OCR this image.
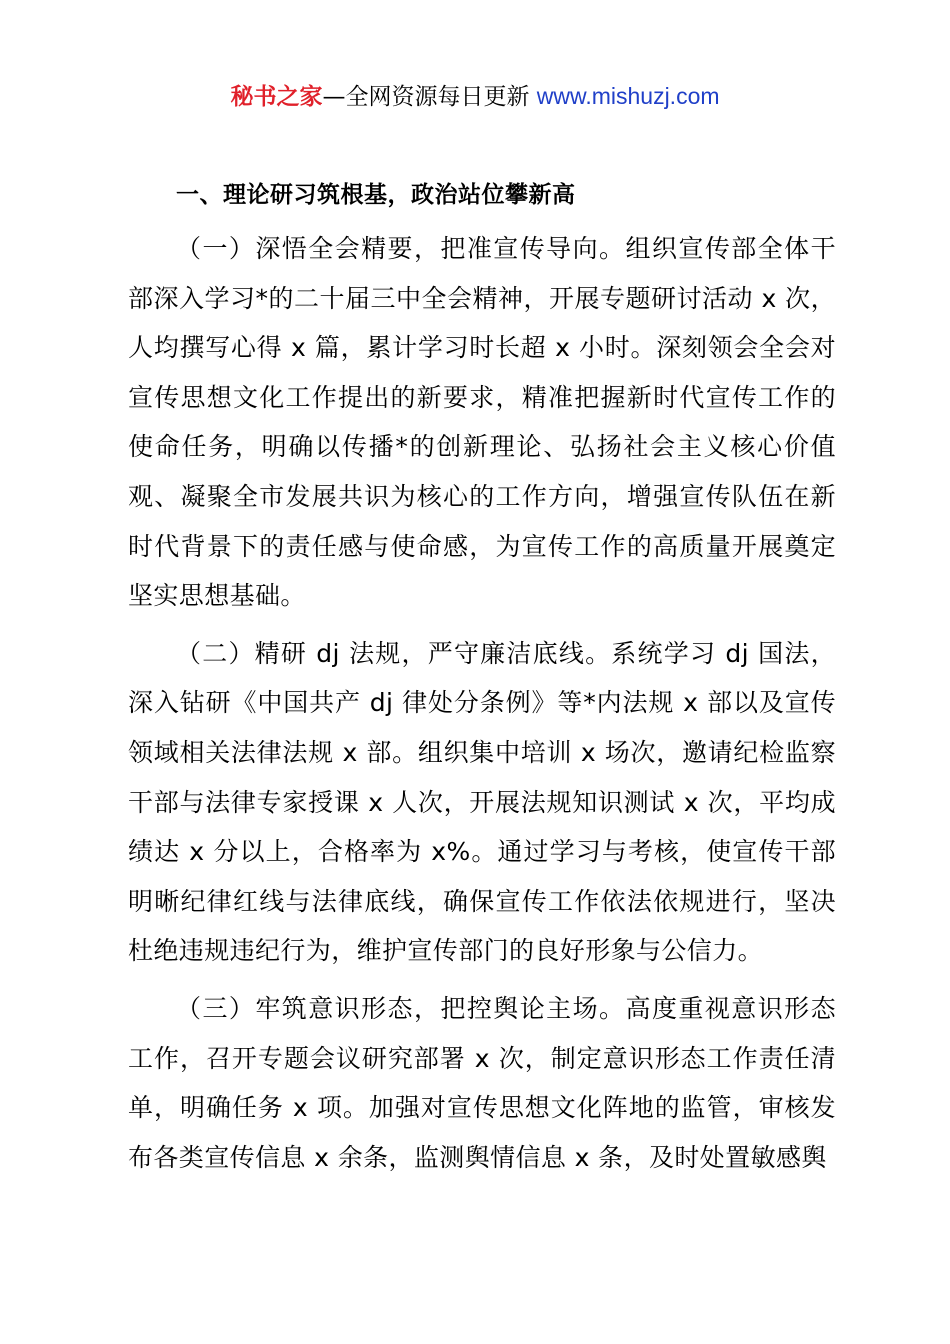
秘书之家—全网资源每日更新 www.mishuzj.com

一、理论研习筑根基，政治站位攀新高

（一）深悟全会精要，把准宣传导向。组织宣传部全体干部深入学习*的二十届三中全会精神，开展专题研讨活动 x 次，人均撰写心得 x 篇，累计学习时长超 x 小时。深刻领会全会对宣传思想文化工作提出的新要求，精准把握新时代宣传工作的使命任务，明确以传播*的创新理论、弘扬社会主义核心价值观、凝聚全市发展共识为核心的工作方向，增强宣传队伍在新时代背景下的责任感与使命感，为宣传工作的高质量开展奠定坚实思想基础。

（二）精研 dj 法规，严守廉洁底线。系统学习 dj 国法，深入钻研《中国共产 dj 律处分条例》等*内法规 x 部以及宣传领域相关法律法规 x 部。组织集中培训 x 场次，邀请纪检监察干部与法律专家授课 x 人次，开展法规知识测试 x 次，平均成绩达 x 分以上，合格率为 x%。通过学习与考核，使宣传干部明晰纪律红线与法律底线，确保宣传工作依法依规进行，坚决杜绝违规违纪行为，维护宣传部门的良好形象与公信力。

（三）牢筑意识形态，把控舆论主场。高度重视意识形态工作，召开专题会议研究部署 x 次，制定意识形态工作责任清单，明确任务 x 项。加强对宣传思想文化阵地的监管，审核发布各类宣传信息 x 余条，监测舆情信息 x 条，及时处置敏感舆
